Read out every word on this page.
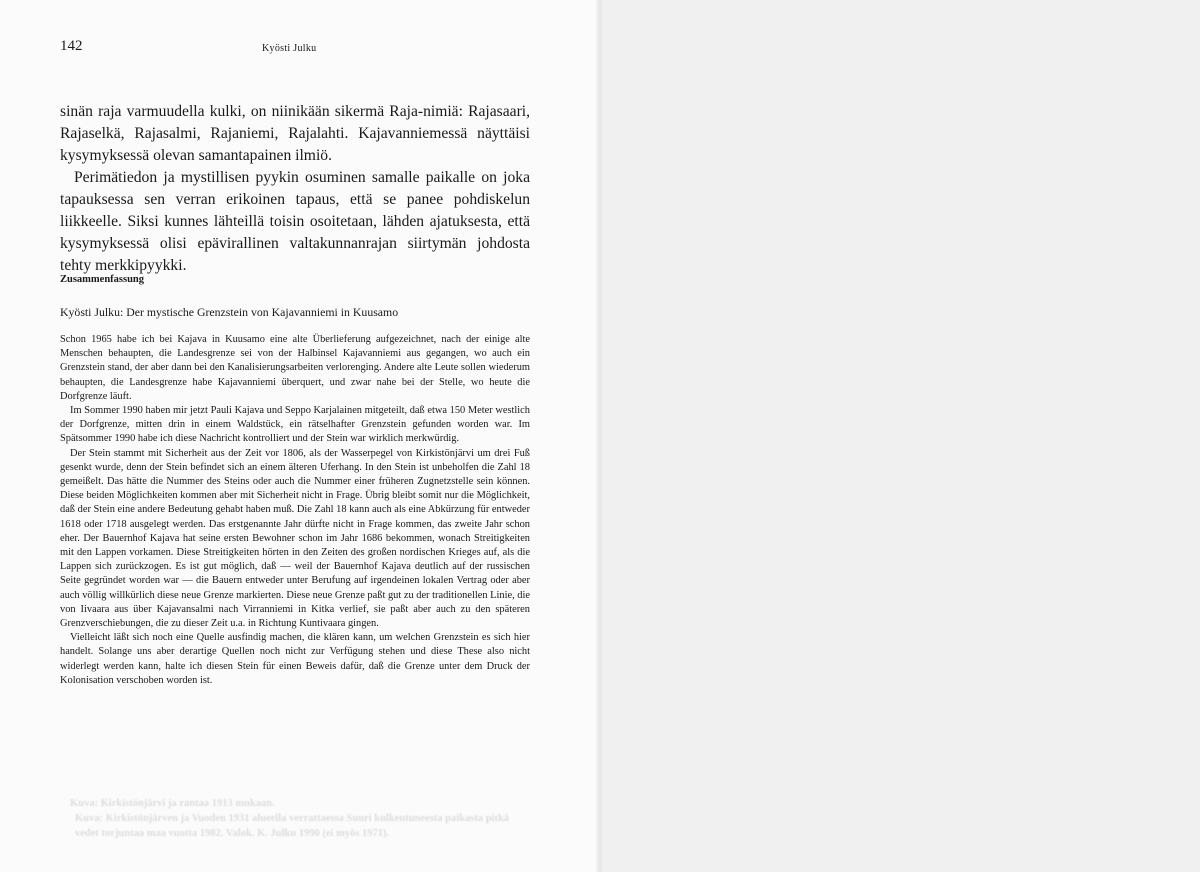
142	Kyösti Julku

sinän raja varmuudella kulki, on niinikään sikermä Raja-nimiä: Rajasaari, Rajaselkä, Rajasalmi, Rajaniemi, Rajalahti. Kajavanniemessä näyttäisi kysymyksessä olevan samantapainen ilmiö.

Perimätiedon ja mystillisen pyykin osuminen samalle paikalle on joka tapauksessa sen verran erikoinen tapaus, että se panee pohdiskelun liikkeelle. Siksi kunnes lähteillä toisin osoitetaan, lähden ajatuksesta, että kysymyksessä olisi epävirallinen valtakunnanrajan siirtymän johdosta tehty merkkipyykki.

Zusammenfassung
Kyösti Julku: Der mystische Grenzstein von Kajavanniemi in Kuusamo

Schon 1965 habe ich bei Kajava in Kuusamo eine alte Überlieferung aufgezeichnet, nach der einige alte Menschen behaupten, die Landesgrenze sei von der Halbinsel Kajavanniemi aus gegangen, wo auch ein Grenzstein stand, der aber dann bei den Kanalisierungsarbeiten verlorenging. Andere alte Leute sollen wiederum behaupten, die Landesgrenze habe Kajavanniemi überquert, und zwar nahe bei der Stelle, wo heute die Dorfgrenze läuft.

Im Sommer 1990 haben mir jetzt Pauli Kajava und Seppo Karjalainen mitgeteilt, daß etwa 150 Meter westlich der Dorfgrenze, mitten drin in einem Waldstück, ein rätselhafter Grenzstein gefunden worden war. Im Spätsommer 1990 habe ich diese Nachricht kontrolliert und der Stein war wirklich merkwürdig.

Der Stein stammt mit Sicherheit aus der Zeit vor 1806, als der Wasserpegel von Kirkistönjärvi um drei Fuß gesenkt wurde, denn der Stein befindet sich an einem älteren Uferhang. In den Stein ist unbeholfen die Zahl 18 gemeißelt. Das hätte die Nummer des Steins oder auch die Nummer einer früheren Zugnetzstelle sein können. Diese beiden Möglichkeiten kommen aber mit Sicherheit nicht in Frage. Übrig bleibt somit nur die Möglichkeit, daß der Stein eine andere Bedeutung gehabt haben muß. Die Zahl 18 kann auch als eine Abkürzung für entweder 1618 oder 1718 ausgelegt werden. Das erstgenannte Jahr dürfte nicht in Frage kommen, das zweite Jahr schon eher. Der Bauernhof Kajava hat seine ersten Bewohner schon im Jahr 1686 bekommen, wonach Streitigkeiten mit den Lappen vorkamen. Diese Streitigkeiten hörten in den Zeiten des großen nordischen Krieges auf, als die Lappen sich zurückzogen. Es ist gut möglich, daß — weil der Bauernhof Kajava deutlich auf der russischen Seite gegründet worden war — die Bauern entweder unter Berufung auf irgendeinen lokalen Vertrag oder aber auch völlig willkürlich diese neue Grenze markierten. Diese neue Grenze paßt gut zu der traditionellen Linie, die von Iivaara aus über Kajavansalmi nach Virranniemi in Kitka verlief, sie paßt aber auch zu den späteren Grenzverschiebungen, die zu dieser Zeit u.a. in Richtung Kuntivaara gingen.

Vielleicht läßt sich noch eine Quelle ausfindig machen, die klären kann, um welchen Grenzstein es sich hier handelt. Solange uns aber derartige Quellen noch nicht zur Verfügung stehen und diese These also nicht widerlegt werden kann, halte ich diesen Stein für einen Beweis dafür, daß die Grenze unter dem Druck der Kolonisation verschoben worden ist.

Kuva: Kirkistönjärvi ja rantaa 1913 mukaan.
Kuva: Kirkistönjärven ja Vuoden 1931 alueella verrattaessa Suuri kulkeutuneesta paikasta pitkä
vedet torjuntaa maa vuotta 1982. Valok. K. Julku 1990 (ei myös 1971).
